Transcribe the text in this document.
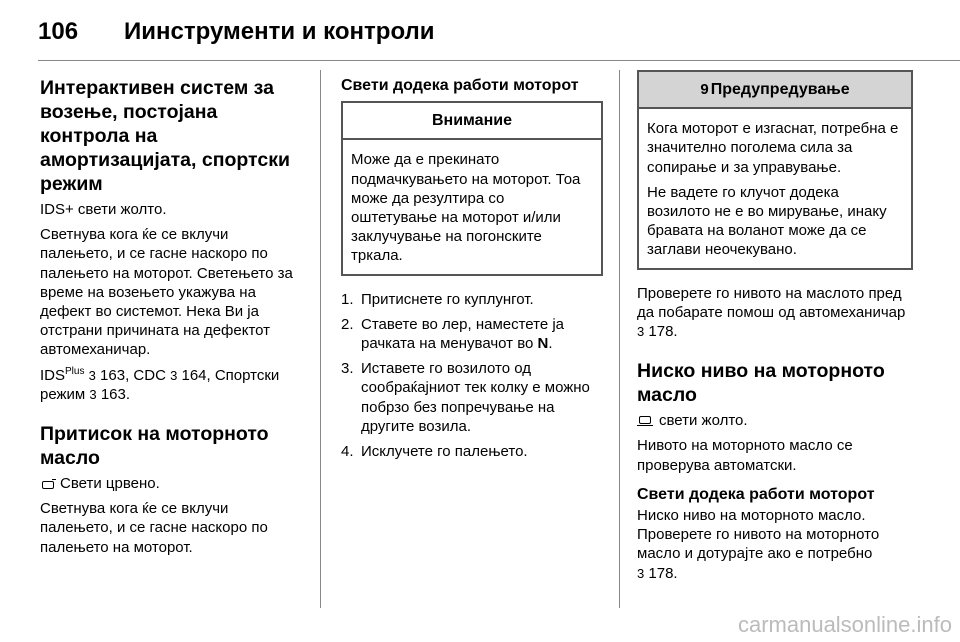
106	Иинструменти и контроли
Интерактивен систем за возење, постојана контрола на амортизацијата, спортски режим

IDS+ свети жолто.

Светнува кога ќе се вклучи палењето, и се гасне наскоро по палењето на моторот. Светењето за време на возењето укажува на дефект во системот. Нека Ви ја отстрани причината на дефектот автомеханичар.

$IDS^{Plus}$ 3 163, CDC 3 164, Спортски режим 3 163.

Притисок на моторното масло

Свети црвено.

Светнува кога ќе се вклучи палењето, и се гасне наскоро по палењето на моторот.

Свети додека работи моторот
Внимание
Може да е прекинато подмачкувањето на моторот. Тоа може да резултира со оштетување на моторот и/или заклучување на погонските тркала.
1. Притиснете го куплунгот.
2. Ставете во лер, наместете ја рачката на менувачот во N.
3. Иставете го возилото од сообраќајниот тек колку е можно побрзо без попречување на другите возила.
4. Исклучете го палењето.
9 Предупредување

Кога моторот е изгаснат, потребна е значително поголема сила за сопирање и за управување.

Не вадете го клучот додека возилото не е во мирување, инаку бравата на воланот може да се заглави неочекувано.

Проверете го нивото на маслото пред да побарате помош од автомеханичар 3 178.

Ниско ниво на моторното масло

свети жолто.

Нивото на моторното масло се проверува автоматски.

Свети додека работи моторот

Ниско ниво на моторното масло. Проверете го нивото на моторното масло и дотурајте ако е потребно
3 178.

carmanualsonline.info
